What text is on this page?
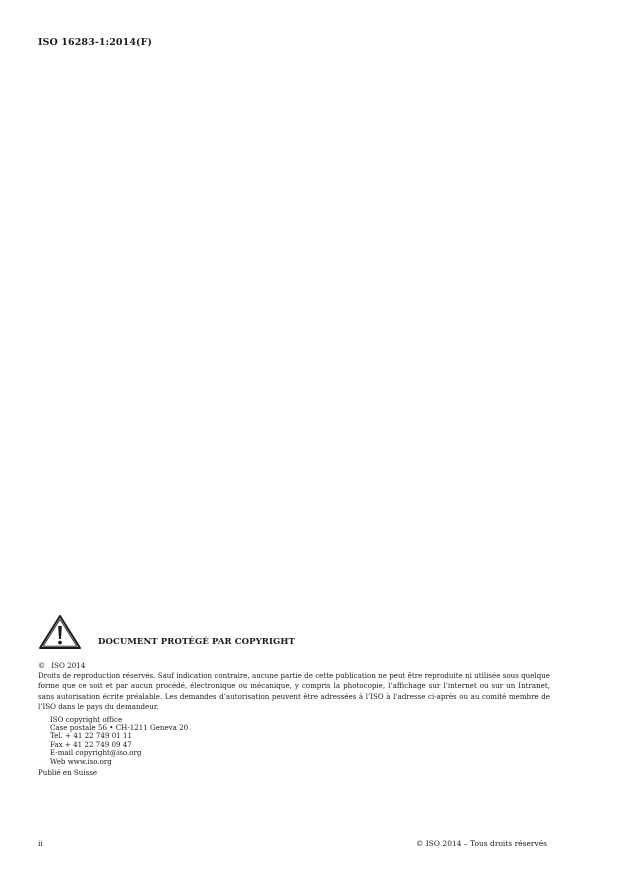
ISO 16283-1:2014(F)
DOCUMENT PROTÉGÉ PAR COPYRIGHT
© ISO 2014

Droits de reproduction réservés. Sauf indication contraire, aucune partie de cette publication ne peut être reproduite ni utilisée sous quelque forme que ce soit et par aucun procédé, électronique ou mécanique, y compris la photocopie, l’affichage sur l’internet ou sur un Intranet, sans autorisation écrite préalable. Les demandes d’autorisation peuvent être adressées à l’ISO à l’adresse ci-après ou au comité membre de l’ISO dans le pays du demandeur.

ISO copyright office
Case postale 56 • CH-1211 Geneva 20
Tel. + 41 22 749 01 11
Fax + 41 22 749 09 47
E-mail copyright@iso.org
Web www.iso.org
Publié en Suisse
ii	© ISO 2014 – Tous droits réservés
